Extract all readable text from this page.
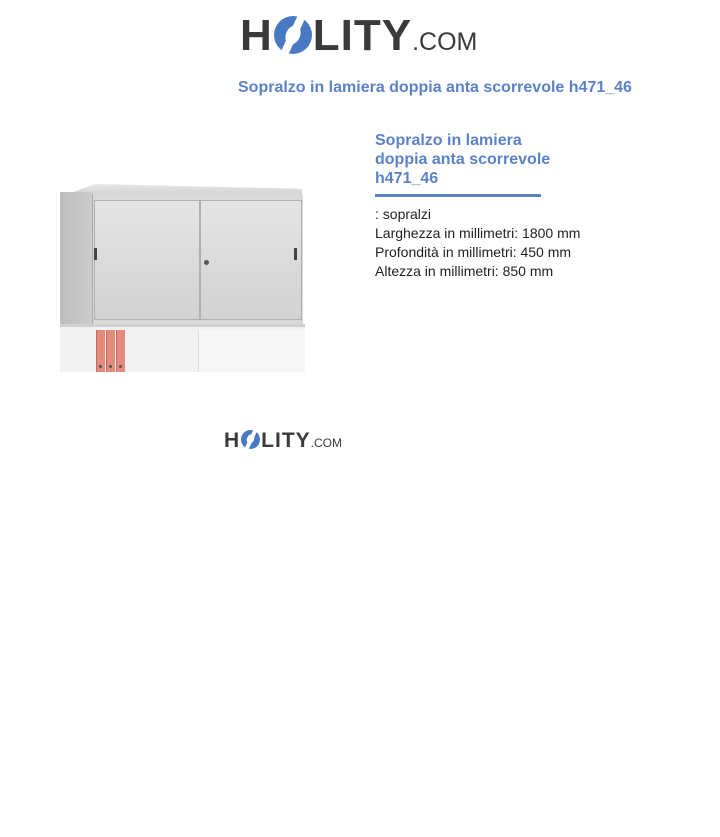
H LITY .COM
Sopralzo in lamiera doppia anta scorrevole h471_46
H LITY .COM
Sopralzo in lamiera
doppia anta scorrevole
h471_46
: sopralzi
Larghezza in millimetri: 1800 mm
Profondità in millimetri: 450 mm
Altezza in millimetri: 850 mm
